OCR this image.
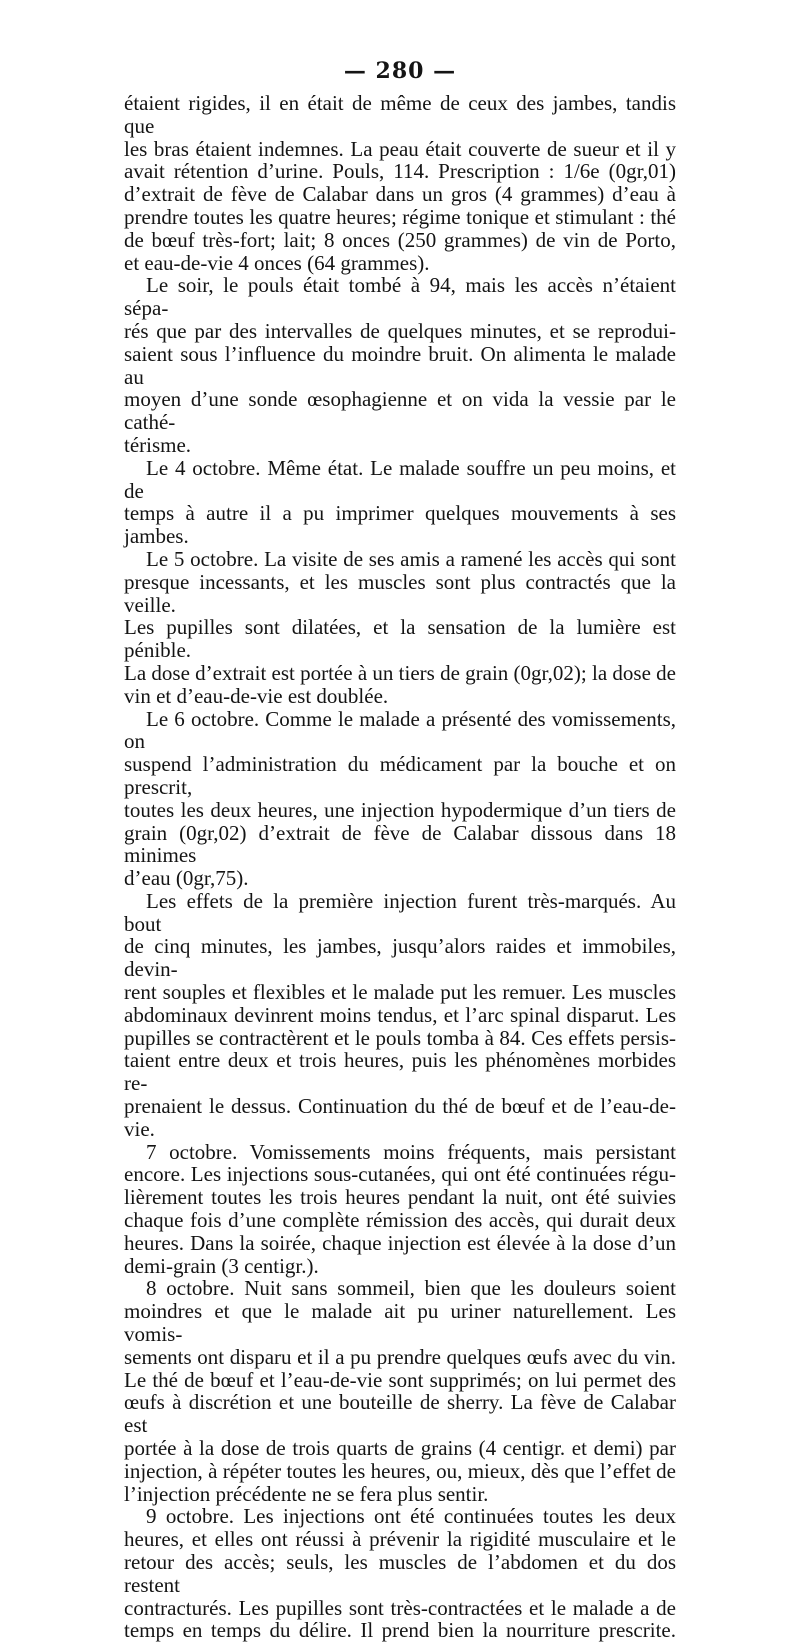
— 280 —

étaient rigides, il en était de même de ceux des jambes, tandis que
les bras étaient indemnes. La peau était couverte de sueur et il y
avait rétention d’urine. Pouls, 114. Prescription : 1/6e (0gr,01)
d’extrait de fève de Calabar dans un gros (4 grammes) d’eau à
prendre toutes les quatre heures; régime tonique et stimulant : thé
de bœuf très-fort; lait; 8 onces (250 grammes) de vin de Porto,
et eau-de-vie 4 onces (64 grammes).
Le soir, le pouls était tombé à 94, mais les accès n’étaient sépa-
rés que par des intervalles de quelques minutes, et se reprodui-
saient sous l’influence du moindre bruit. On alimenta le malade au
moyen d’une sonde œsophagienne et on vida la vessie par le cathé-
térisme.
Le 4 octobre. Même état. Le malade souffre un peu moins, et de
temps à autre il a pu imprimer quelques mouvements à ses jambes.
Le 5 octobre. La visite de ses amis a ramené les accès qui sont
presque incessants, et les muscles sont plus contractés que la veille.
Les pupilles sont dilatées, et la sensation de la lumière est pénible.
La dose d’extrait est portée à un tiers de grain (0gr,02); la dose de
vin et d’eau-de-vie est doublée.
Le 6 octobre. Comme le malade a présenté des vomissements, on
suspend l’administration du médicament par la bouche et on prescrit,
toutes les deux heures, une injection hypodermique d’un tiers de
grain (0gr,02) d’extrait de fève de Calabar dissous dans 18 minimes
d’eau (0gr,75).
Les effets de la première injection furent très-marqués. Au bout
de cinq minutes, les jambes, jusqu’alors raides et immobiles, devin-
rent souples et flexibles et le malade put les remuer. Les muscles
abdominaux devinrent moins tendus, et l’arc spinal disparut. Les
pupilles se contractèrent et le pouls tomba à 84. Ces effets persis-
taient entre deux et trois heures, puis les phénomènes morbides re-
prenaient le dessus. Continuation du thé de bœuf et de l’eau-de-vie.
7 octobre. Vomissements moins fréquents, mais persistant
encore. Les injections sous-cutanées, qui ont été continuées régu-
lièrement toutes les trois heures pendant la nuit, ont été suivies
chaque fois d’une complète rémission des accès, qui durait deux
heures. Dans la soirée, chaque injection est élevée à la dose d’un
demi-grain (3 centigr.).
8 octobre. Nuit sans sommeil, bien que les douleurs soient
moindres et que le malade ait pu uriner naturellement. Les vomis-
sements ont disparu et il a pu prendre quelques œufs avec du vin.
Le thé de bœuf et l’eau-de-vie sont supprimés; on lui permet des
œufs à discrétion et une bouteille de sherry. La fève de Calabar est
portée à la dose de trois quarts de grains (4 centigr. et demi) par
injection, à répéter toutes les heures, ou, mieux, dès que l’effet de
l’injection précédente ne se fera plus sentir.
9 octobre. Les injections ont été continuées toutes les deux
heures, et elles ont réussi à prévenir la rigidité musculaire et le
retour des accès; seuls, les muscles de l’abdomen et du dos restent
contracturés. Les pupilles sont très-contractées et le malade a de
temps en temps du délire. Il prend bien la nourriture prescrite.
